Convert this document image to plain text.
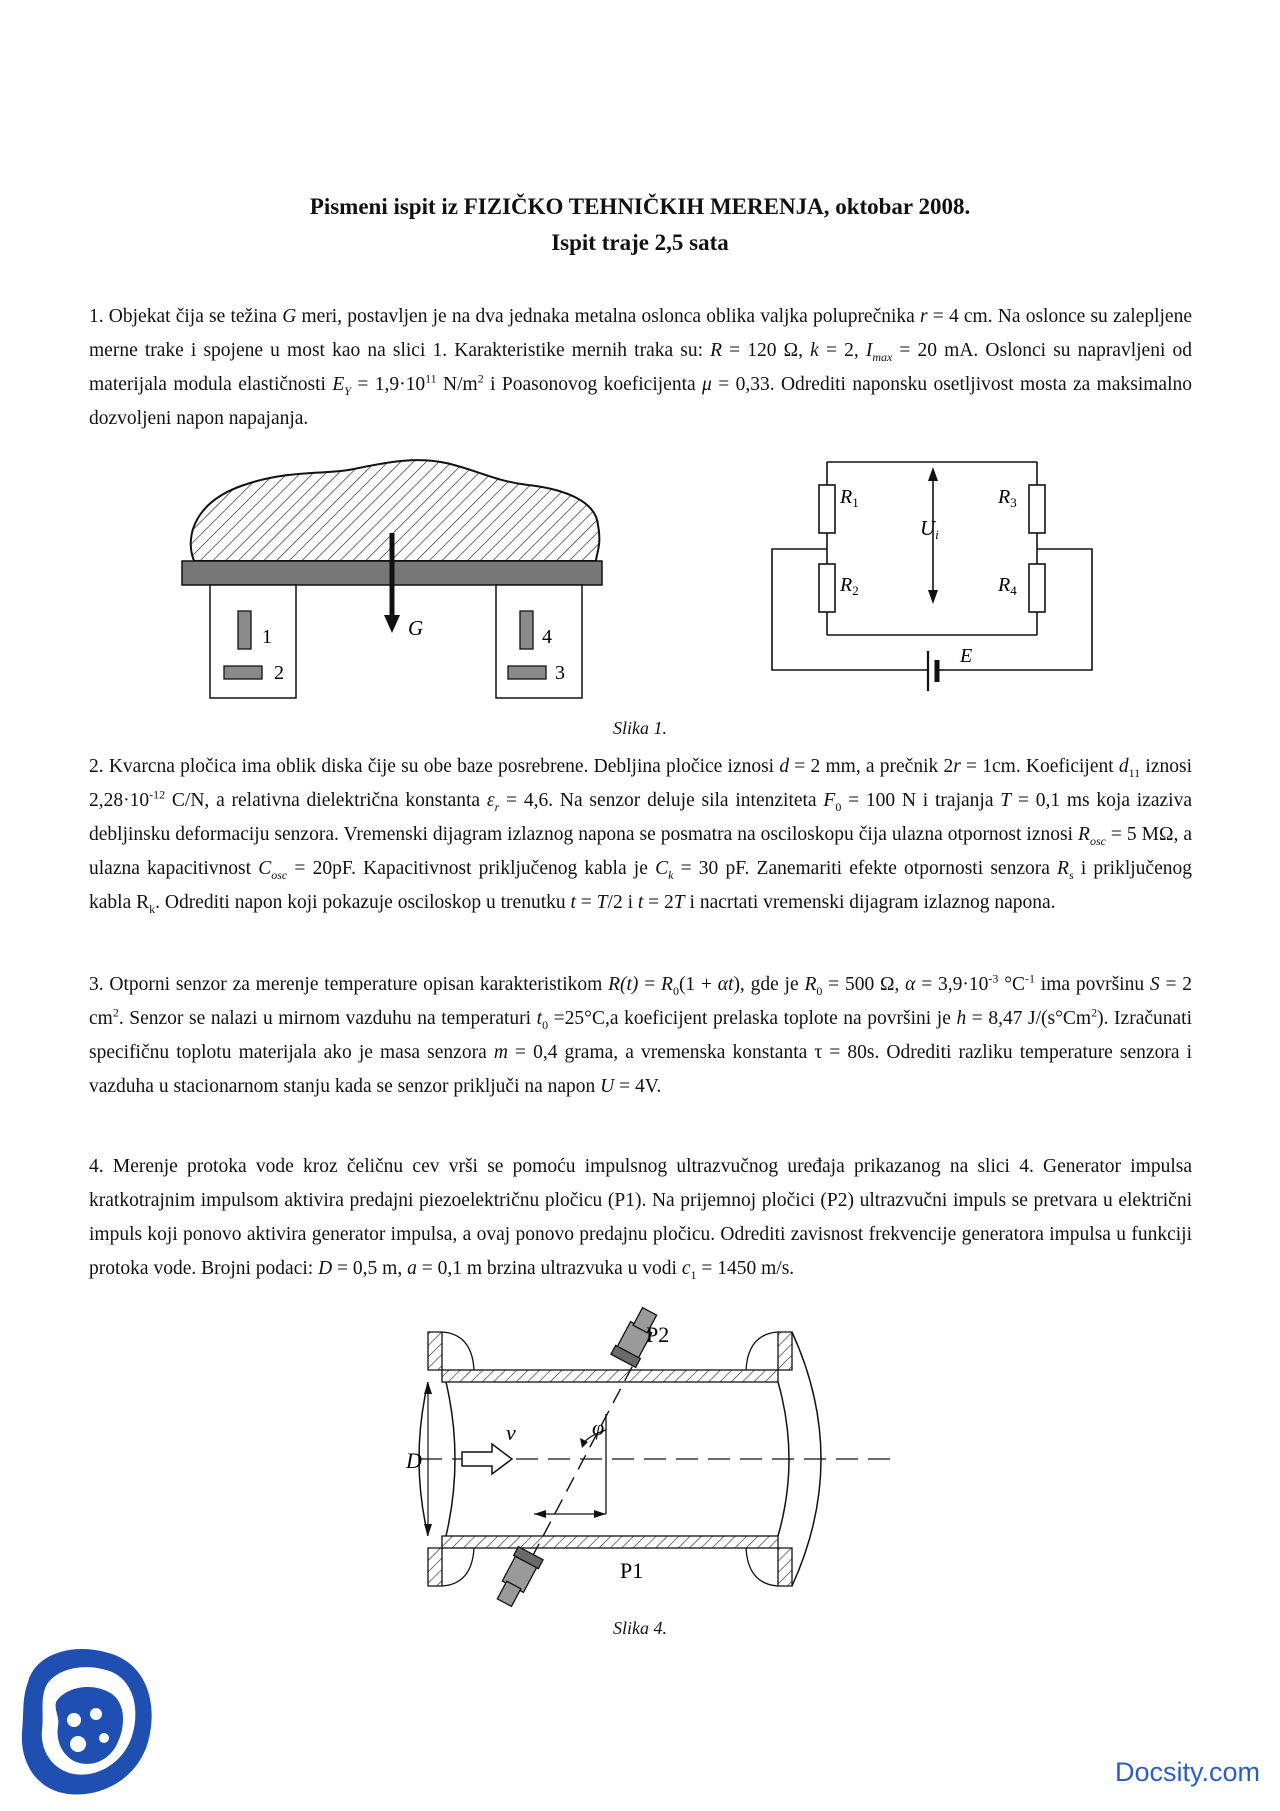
Pismeni ispit iz FIZIČKO TEHNIČKIH MERENJA, oktobar 2008.
Ispit traje 2,5 sata

1. Objekat čija se težina G meri, postavljen je na dva jednaka metalna oslonca oblika valjka poluprečnika r = 4 cm. Na oslonce su zalepljene merne trake i spojene u most kao na slici 1. Karakteristike mernih traka su: R = 120 Ω, k = 2, $I_{max} = 20$ mA. Oslonci su napravljeni od materijala modula elastičnosti $E_Y = 1,9\cdot 10^{11}$ $N/m^2$ i Poasonovog koeficijenta μ = 0,33. Odrediti naponsku osetljivost mosta za maksimalno dozvoljeni napon napajanja.

1
2
4
3
G
$R_1$
$R_2$
$R_3$
$R_4$
Ui
E
Slika 1.

2. Kvarcna pločica ima oblik diska čije su obe baze posrebrene. Debljina pločice iznosi d = 2 mm, a prečnik 2r = 1cm. Koeficijent $d_{11}$ iznosi $2,28\cdot 10^{-12}$ C/N, a relativna dielektrična konstanta $\varepsilon_r = 4,6$. Na senzor deluje sila intenziteta $F_0 = 100$ N i trajanja T = 0,1 ms koja izaziva debljinsku deformaciju senzora. Vremenski dijagram izlaznog napona se posmatra na osciloskopu čija ulazna otpornost iznosi $R_{osc} = 5$ MΩ, a ulazna kapacitivnost $C_{osc} = 20pF$. Kapacitivnost priključenog kabla je $C_k = 30$ pF. Zanemariti efekte otpornosti senzora $R_s$ i priključenog kabla $R_k$. Odrediti napon koji pokazuje osciloskop u trenutku t = T/2 i t = 2T i nacrtati vremenski dijagram izlaznog napona.

3. Otporni senzor za merenje temperature opisan karakteristikom $R(t) = R_0(1 + \alpha t)$, gde je $R_0 = 500$ Ω, $\alpha = 3,9\cdot 10^{-3}$ $^\circ C^{-1}$ ima površinu S = 2 $cm^2$. Senzor se nalazi u mirnom vazduhu na temperaturi $t_0 =25^\circ C,a$ koeficijent prelaska toplote na površini je h = 8,47 J/(s°Cm$^2$). Izračunati specifičnu toplotu materijala ako je masa senzora m = 0,4 grama, a vremenska konstanta τ = 80s. Odrediti razliku temperature senzora i vazduha u stacionarnom stanju kada se senzor priključi na napon U = 4V.

4. Merenje protoka vode kroz čeličnu cev vrši se pomoću impulsnog ultrazvučnog uređaja prikazanog na slici 4. Generator impulsa kratkotrajnim impulsom aktivira predajni piezoelektričnu pločicu (P1). Na prijemnoj pločici (P2) ultrazvučni impuls se pretvara u električni impuls koji ponovo aktivira generator impulsa, a ovaj ponovo predajnu pločicu. Odrediti zavisnost frekvencije generatora impulsa u funkciji protoka vode. Brojni podaci: D = 0,5 m, a = 0,1 m brzina ultrazvuka u vodi $c_1 = 1450$ m/s.

D
v	φ
P2
P1
Slika 4.
Docsity.com
